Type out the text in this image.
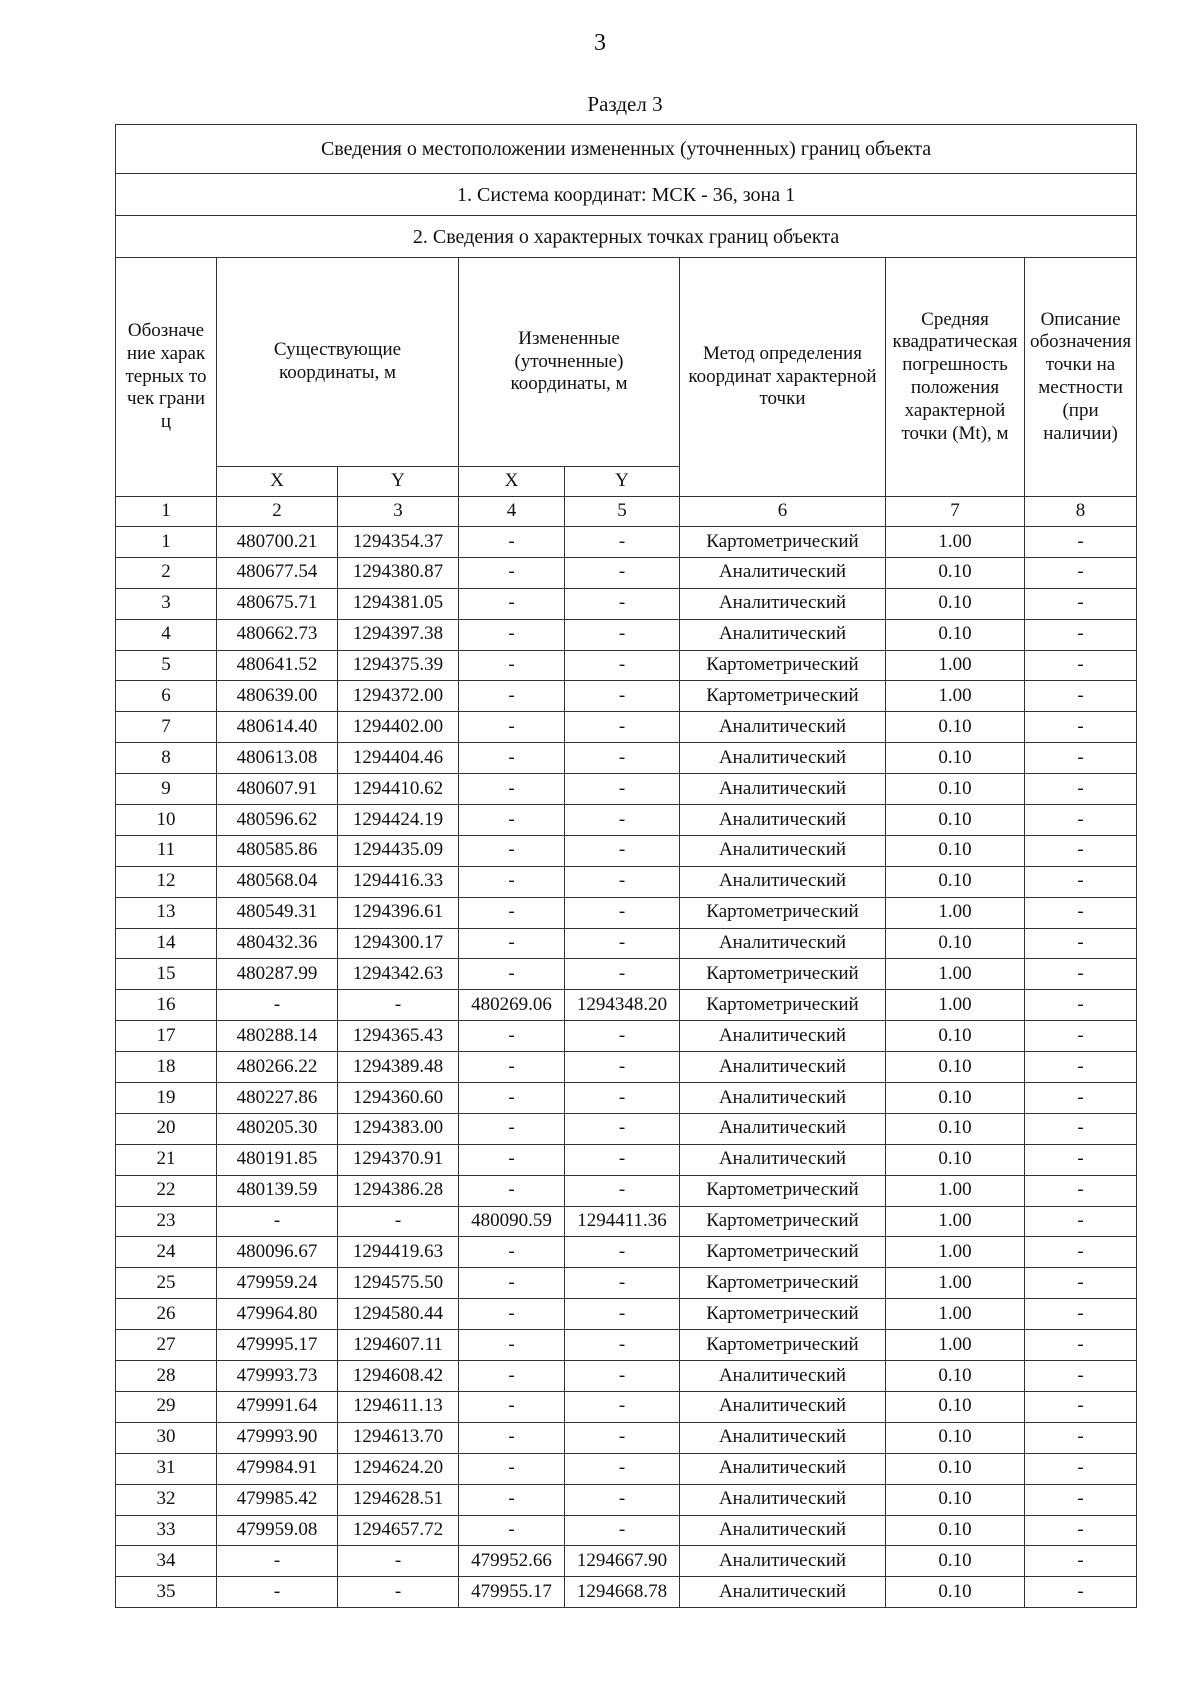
3
Раздел 3
Сведения о местоположении измененных (уточненных) границ объекта							
1. Система координат: МСК - 36, зона 1							
2. Сведения о характерных точках границ объекта							

Обозначение характерных точек границ	Существующие координаты, м		Измененные (уточненные) координаты, м		Метод определения координат характерной точки	Средняя квадратическая погрешность положения характерной точки (Mt), м	Описание обозначения точки на местности (при наличии)

	X	Y	X	Y			
1	2	3	4	5	6	7	8
1	480700.21	1294354.37	-	-	Картометрический	1.00	-
2	480677.54	1294380.87	-	-	Аналитический	0.10	-
3	480675.71	1294381.05	-	-	Аналитический	0.10	-
4	480662.73	1294397.38	-	-	Аналитический	0.10	-
5	480641.52	1294375.39	-	-	Картометрический	1.00	-
6	480639.00	1294372.00	-	-	Картометрический	1.00	-
7	480614.40	1294402.00	-	-	Аналитический	0.10	-
8	480613.08	1294404.46	-	-	Аналитический	0.10	-
9	480607.91	1294410.62	-	-	Аналитический	0.10	-
10	480596.62	1294424.19	-	-	Аналитический	0.10	-
11	480585.86	1294435.09	-	-	Аналитический	0.10	-
12	480568.04	1294416.33	-	-	Аналитический	0.10	-
13	480549.31	1294396.61	-	-	Картометрический	1.00	-
14	480432.36	1294300.17	-	-	Аналитический	0.10	-
15	480287.99	1294342.63	-	-	Картометрический	1.00	-
16	-	-	480269.06	1294348.20	Картометрический	1.00	-
17	480288.14	1294365.43	-	-	Аналитический	0.10	-
18	480266.22	1294389.48	-	-	Аналитический	0.10	-
19	480227.86	1294360.60	-	-	Аналитический	0.10	-
20	480205.30	1294383.00	-	-	Аналитический	0.10	-
21	480191.85	1294370.91	-	-	Аналитический	0.10	-
22	480139.59	1294386.28	-	-	Картометрический	1.00	-
23	-	-	480090.59	1294411.36	Картометрический	1.00	-
24	480096.67	1294419.63	-	-	Картометрический	1.00	-
25	479959.24	1294575.50	-	-	Картометрический	1.00	-
26	479964.80	1294580.44	-	-	Картометрический	1.00	-
27	479995.17	1294607.11	-	-	Картометрический	1.00	-
28	479993.73	1294608.42	-	-	Аналитический	0.10	-
29	479991.64	1294611.13	-	-	Аналитический	0.10	-
30	479993.90	1294613.70	-	-	Аналитический	0.10	-
31	479984.91	1294624.20	-	-	Аналитический	0.10	-
32	479985.42	1294628.51	-	-	Аналитический	0.10	-
33	479959.08	1294657.72	-	-	Аналитический	0.10	-
34	-	-	479952.66	1294667.90	Аналитический	0.10	-
35	-	-	479955.17	1294668.78	Аналитический	0.10	-
